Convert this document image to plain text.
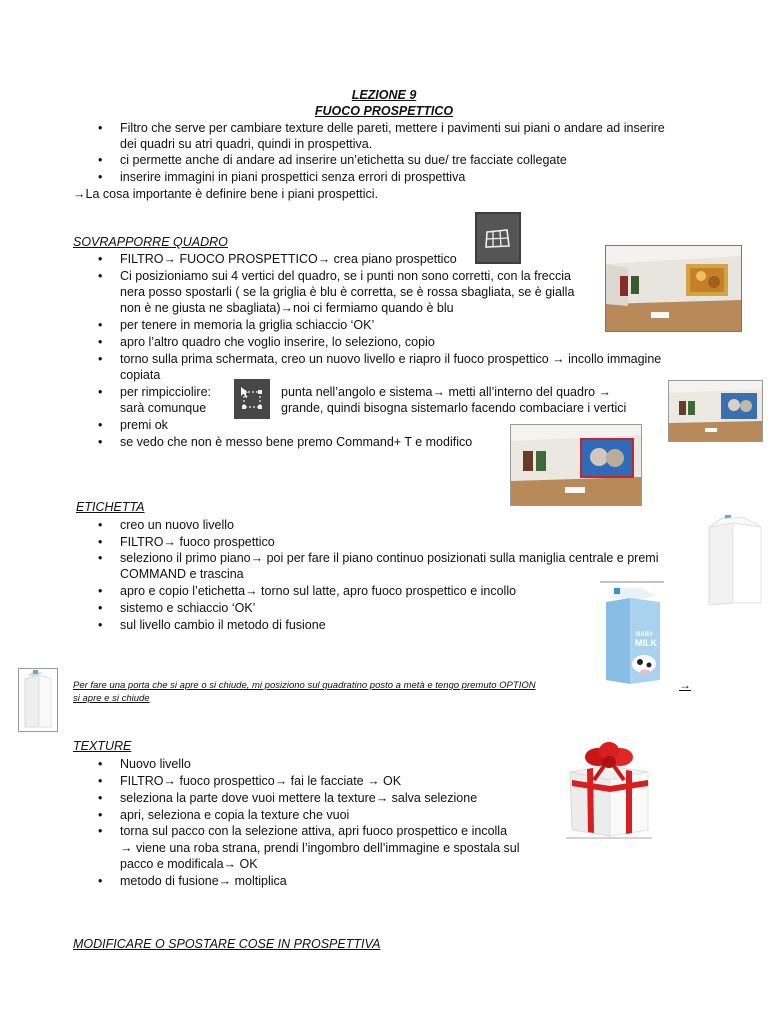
LEZIONE 9
FUOCO PROSPETTICO
• Filtro che serve per cambiare texture delle pareti, mettere i pavimenti sui piani o andare ad inserire
dei quadri su atri quadri, quindi in prospettiva.
• ci permette anche di andare ad inserire un’etichetta su due/ tre facciate collegate
• inserire immagini in piani prospettici senza errori di prospettiva
→La cosa importante è definire bene i piani prospettici.
SOVRAPPORRE QUADRO
• FILTRO→ FUOCO PROSPETTICO→ crea piano prospettico
• Ci posizioniamo sui 4 vertici del quadro, se i punti non sono corretti, con la freccia
nera posso spostarli ( se la griglia è blu è corretta, se è rossa sbagliata, se è gialla
non è ne giusta ne sbagliata)→noi ci fermiamo quando è blu
• per tenere in memoria la griglia schiaccio ‘OK’
• apro l’altro quadro che voglio inserire, lo seleziono, copio
• torno sulla prima schermata, creo un nuovo livello e riapro il fuoco prospettico → incollo immagine
copiata
• per rimpicciolire:
sarà comunque
punta nell’angolo e sistema→ metti all’interno del quadro →
grande, quindi bisogna sistemarlo facendo combaciare i vertici
• premi ok
• se vedo che non è messo bene premo Command+ T e modifico
ETICHETTA
• creo un nuovo livello
• FILTRO→ fuoco prospettico
• seleziono il primo piano→ poi per fare il piano continuo posizionati sulla maniglia centrale e premi
COMMAND e trascina
• apro e copio l’etichetta→ torno sul latte, apro fuoco prospettico e incollo
• sistemo e schiaccio ‘OK’
• sul livello cambio il metodo di fusione
BABY
MILK
Per fare una porta che si apre o si chiude, mi posiziono sul quadratino posto a metà e tengo premuto OPTION	→
si apre e si chiude
TEXTURE
• Nuovo livello
• FILTRO→ fuoco prospettico→ fai le facciate → OK
• seleziona la parte dove vuoi mettere la texture→ salva selezione
• apri, seleziona e copia la texture che vuoi
• torna sul pacco con la selezione attiva, apri fuoco prospettico e incolla
→ viene una roba strana, prendi l’ingombro dell’immagine e spostala sul
pacco e modificala→ OK
• metodo di fusione→ moltiplica
MODIFICARE O SPOSTARE COSE IN PROSPETTIVA
